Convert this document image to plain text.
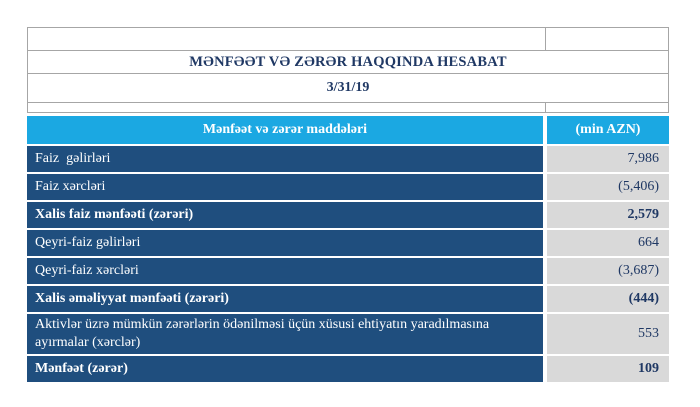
MƏNFƏƏT VƏ ZƏRƏR HAQQINDA HESABAT	
3/31/19	

Mənfəət və zərər maddələri	(min AZN)
Faiz  gəlirləri	7,986
Faiz xərcləri	(5,406)
Xalis faiz mənfəəti (zərəri)	2,579
Qeyri-faiz gəlirləri	664
Qeyri-faiz xərcləri	(3,687)
Xalis əməliyyat mənfəəti (zərəri)	(444)
Aktivlər üzrə mümkün zərərlərin ödənilməsi üçün xüsusi ehtiyatın yaradılmasına ayırmalar (xərclər)
553
Mənfəət (zərər)	109
